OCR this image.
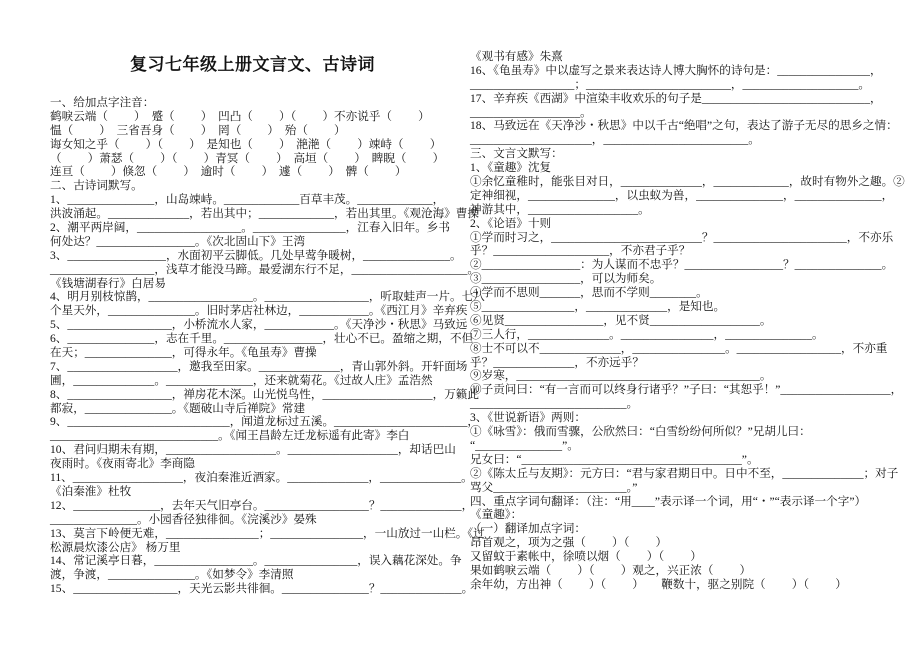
复习七年级上册文言文、古诗词
一、给加点字注音：
鹤唳云端（　　 ）　蹙（　　 ）　凹凸（　　 ）（　　 ）不亦说乎（　　 ）
愠（　　 ）　三省吾身（　　 ）　罔（　　 ）　殆（　　 ）
诲女知之乎（　　 ）（　　 ）　是知也（　　 ）　滟滟（　　 ）竦峙（　　 ）
（　　 ）萧瑟（　　 ）（　　 ）青冥（　　 ）　高垣（　　 ）　睥睨（　　 ）
连亘（　　 ）倏忽（　　 ）　逾时（　　 ）　遽（　　 ）　髀（　　 ）
二、古诗词默写。
1、_______________，山岛竦峙。_____________百草丰茂。_____________，
洪波涌起。______________，若出其中；_____________，若出其里。《观沧海》曹操
2、潮平两岸阔，__________________。________________，江春入旧年。乡书
何处达？_________________。《次北固山下》王湾
3、_________________，水面初平云脚低。几处早莺争暖树，_______________。
__________________，浅草才能没马蹄。最爱湖东行不足，____________________。
《钱塘湖春行》白居易
4、明月别枝惊鹊，__________________。__________________，听取蛙声一片。七八
个星天外，_______________。旧时茅店社林边，____________。《西江月》辛弃疾
5、__________________，小桥流水人家，____________。《天净沙・秋思》马致远
6、_______________，志在千里。_________________，壮心不已。盈缩之期，不但
在天；_______________，可得永年。《龟虽寿》曹操
7、___________________，邀我至田家。______________，青山郭外斜。开轩面场
圃，______________。_______________，还来就菊花。《过故人庄》孟浩然
8、__________________，禅房花木深。山光悦鸟性，___________________，万籁此
都寂，_______________。《题破山寺后禅院》常建
9、____________________________，闻道龙标过五溪。_______________________，
_____________________________。《闻王昌龄左迁龙标遥有此寄》李白
10、君问归期未有期，___________________。___________________，却话巴山
夜雨时。《夜雨寄北》李商隐
11、___________________，夜泊秦淮近酒家。______________，______________。
《泊秦淮》杜牧
12、_______________，去年天气旧亭台。__________________？______________，
_______________。小园香径独徘徊。《浣溪沙》晏殊
13、莫言下岭便无难，________________；________________，一山放过一山栏。《过
松源晨炊漆公店》 杨万里
14、常记溪亭日暮，_________________。________________，误入藕花深处。争
渡，争渡，_______________。《如梦令》李清照
15、__________________，天光云影共徘徊。_______________？______________。
《观书有感》朱熹
16、《龟虽寿》中以虚写之景来表达诗人博大胸怀的诗句是：________________，
__________________；_________________________，____________________。
17、辛弃疾《西湖》中渲染丰收欢乐的句子是_____________________________，
___________________。
18、马致远在《天净沙・秋思》中以千古“绝唱”之句，表达了游子无尽的思乡之情：
_____________________，_________________________。
三、文言文默写：
1、《童趣》沈复
①余忆童稚时，能张目对日，______________，_____________，故时有物外之趣。②
定神细视，_______________，以虫蚁为兽，_______________，_______________，
神游其中，___________________。
2、《论语》十则
①学而时习之，__________________________？_______________________，不亦乐
乎？____________________，不亦君子乎？
②_________________：为人谋而不忠乎？_________________？_______________。
③_________________，可以为师矣。
④学而不思则_______，思而不学则________。
⑤________________，______________，是知也。
⑥见贤_________________，见不贤___________________。
⑦三人行，______________。________________，_______________。
⑧士不可以不______________，________________。__________________，不亦重
乎？______________，不亦远乎？
⑨岁寒，__________________________________________。
⑩子贡问曰：“有一言而可以终身行诸乎？”子曰：“其恕乎！”___________________，
___________________________。
3、《世说新语》两则：
①《咏雪》：俄而雪骤，公欣然曰：“白雪纷纷何所似？”兄胡儿曰：
“_______________”。
兄女曰：“______________________________________”。
②《陈太丘与友期》：元方曰：“君与家君期日中。日中不至，______________；对子
骂父_______________________。”
四、重点字词句翻译：（注：“用____”表示译一个词，用“・”“表示译一个字”）
《童趣》：
（一）翻译加点字词：
昂首观之，项为之强（　　 ）（　　 ）
又留蚊于素帐中，徐喷以烟（　　 ）（　　 ）
果如鹤唳云端（　　 ）（　　 ）观之，兴正浓（　　 ）
余年幼，方出神（　　 ）（　　 ）　　鞭数十，驱之别院（　　 ）（　　 ）
